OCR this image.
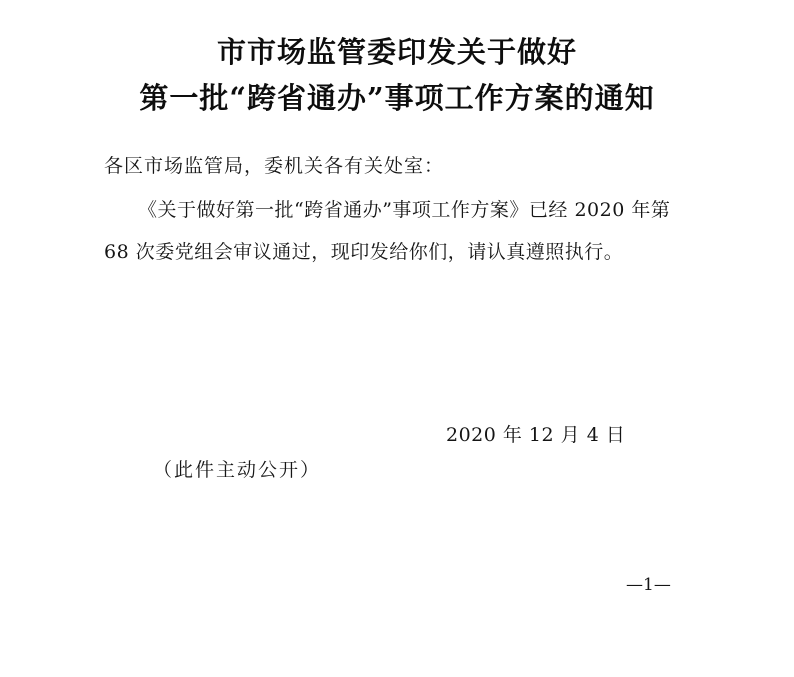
市市场监管委印发关于做好
第一批“跨省通办”事项工作方案的通知
各区市场监管局，委机关各有关处室：
《关于做好第一批“跨省通办”事项工作方案》已经 2020 年第
68 次委党组会审议通过，现印发给你们，请认真遵照执行。
2020 年 12 月 4 日
（此件主动公开）
—1—
